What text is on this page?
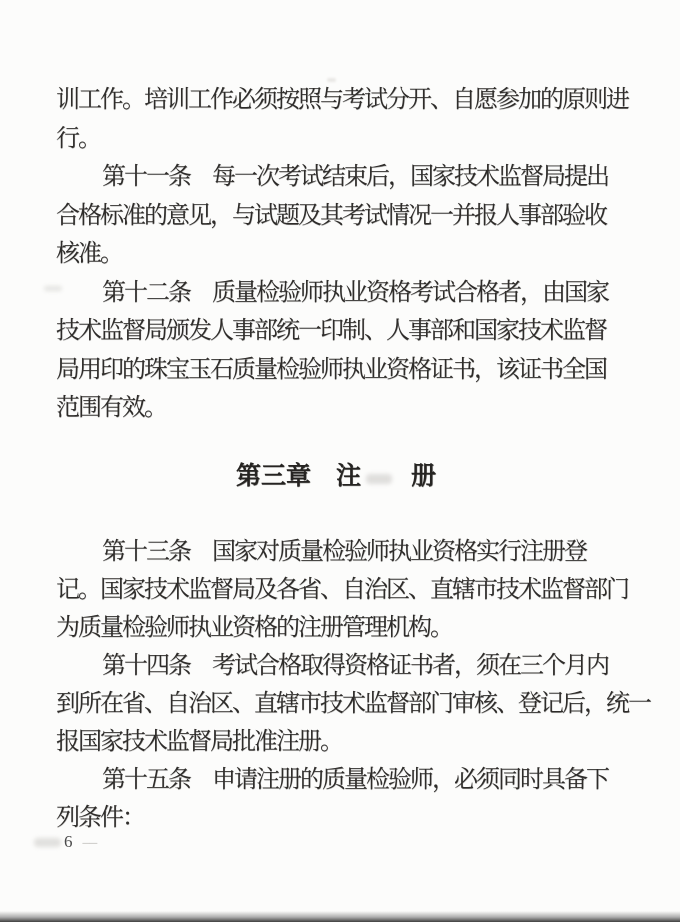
训工作。培训工作必须按照与考试分开、自愿参加的原则进
行。
第十一条　每一次考试结束后，国家技术监督局提出
合格标准的意见，与试题及其考试情况一并报人事部验收
核准。
第十二条　质量检验师执业资格考试合格者，由国家
技术监督局颁发人事部统一印制、人事部和国家技术监督
局用印的珠宝玉石质量检验师执业资格证书，该证书全国
范围有效。
第三章　注　　册
第十三条　国家对质量检验师执业资格实行注册登
记。国家技术监督局及各省、自治区、直辖市技术监督部门
为质量检验师执业资格的注册管理机构。
第十四条　考试合格取得资格证书者，须在三个月内
到所在省、自治区、直辖市技术监督部门审核、登记后，统一
报国家技术监督局批准注册。
第十五条　申请注册的质量检验师，必须同时具备下
列条件：
6 – –
